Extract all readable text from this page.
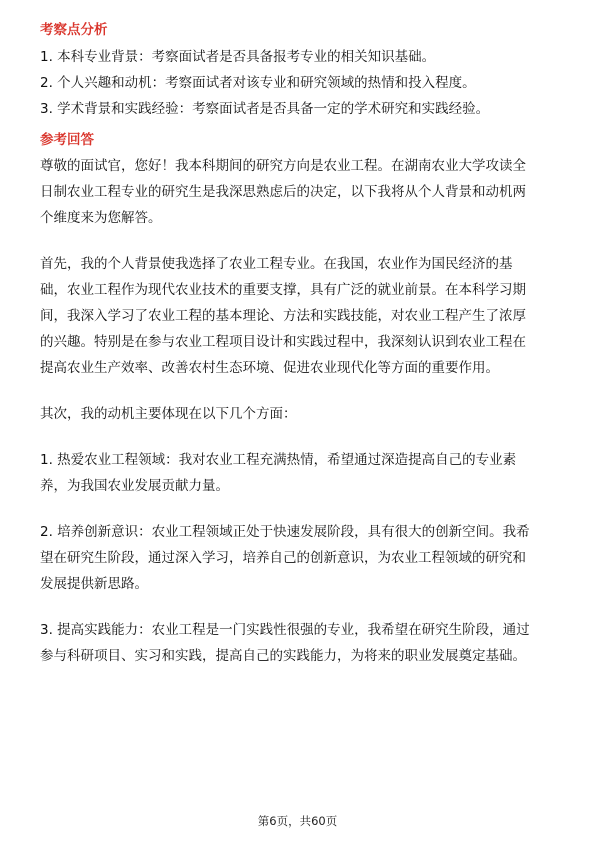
考察点分析

1. 本科专业背景：考察面试者是否具备报考专业的相关知识基础。

2. 个人兴趣和动机：考察面试者对该专业和研究领域的热情和投入程度。

3. 学术背景和实践经验：考察面试者是否具备一定的学术研究和实践经验。

参考回答

尊敬的面试官，您好！我本科期间的研究方向是农业工程。在湖南农业大学攻读全

日制农业工程专业的研究生是我深思熟虑后的决定，以下我将从个人背景和动机两

个维度来为您解答。

首先，我的个人背景使我选择了农业工程专业。在我国，农业作为国民经济的基

础，农业工程作为现代农业技术的重要支撑，具有广泛的就业前景。在本科学习期

间，我深入学习了农业工程的基本理论、方法和实践技能，对农业工程产生了浓厚

的兴趣。特别是在参与农业工程项目设计和实践过程中，我深刻认识到农业工程在

提高农业生产效率、改善农村生态环境、促进农业现代化等方面的重要作用。

其次，我的动机主要体现在以下几个方面：

1. 热爱农业工程领域：我对农业工程充满热情，希望通过深造提高自己的专业素

养，为我国农业发展贡献力量。

2. 培养创新意识：农业工程领域正处于快速发展阶段，具有很大的创新空间。我希

望在研究生阶段，通过深入学习，培养自己的创新意识，为农业工程领域的研究和

发展提供新思路。

3. 提高实践能力：农业工程是一门实践性很强的专业，我希望在研究生阶段，通过

参与科研项目、实习和实践，提高自己的实践能力，为将来的职业发展奠定基础。

第6页，共60页
